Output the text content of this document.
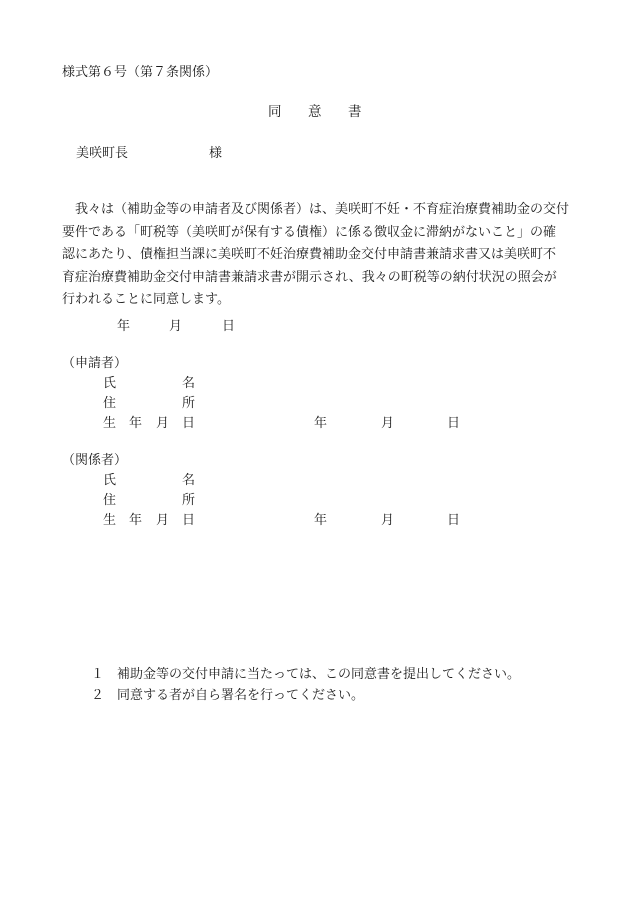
様式第６号（第７条関係）
同 意 書
美咲町長	様
我々は（補助金等の申請者及び関係者）は、美咲町不妊・不育症治療費補助金の交付
要件である「町税等（美咲町が保有する債権）に係る徴収金に滞納がないこと」の確
認にあたり、債権担当課に美咲町不妊治療費補助金交付申請書兼請求書又は美咲町不
育症治療費補助金交付申請書兼請求書が開示され、我々の町税等の納付状況の照会が
行われることに同意します。
年	月	日
（申請者）
氏	名
住	所
生 年 月 日	年	月	日
（関係者）
氏	名
住	所
生 年 月 日	年	月	日
１ 補助金等の交付申請に当たっては、この同意書を提出してください。
２ 同意する者が自ら署名を行ってください。
